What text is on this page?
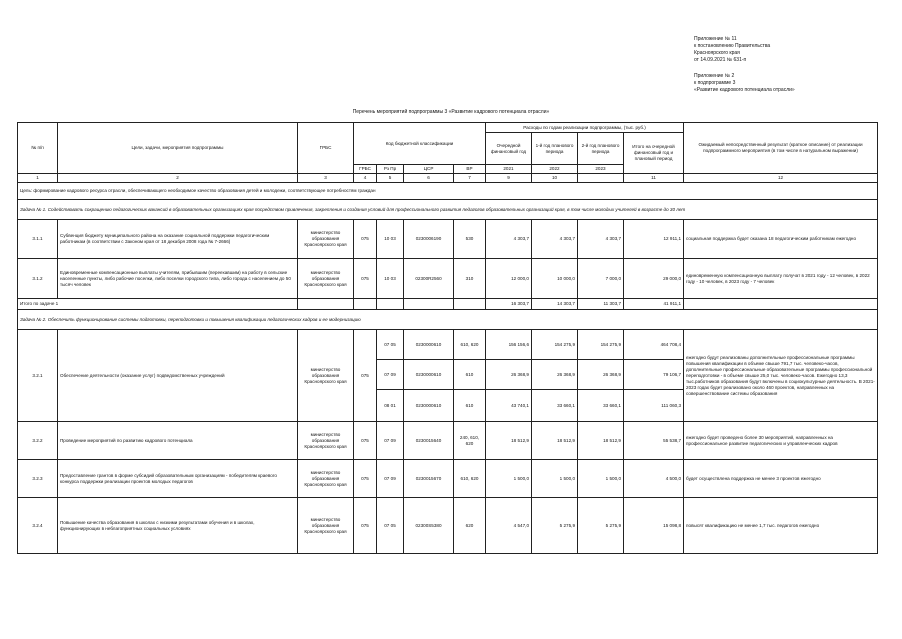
Приложение № 11
к постановлению Правительства
Красноярского края
от 14.09.2021 № 631-п
Приложение № 2
к подпрограмме 3
«Развитие кадрового потенциала отрасли»
Перечень мероприятий подпрограммы 3 «Развитие кадрового потенциала отрасли»
№ п/п	Цели, задачи, мероприятия подпрограммы	ГРБС	Код бюджетной классификации				Расходы по годам реализации подпрограммы, (тыс. руб.)				Ожидаемый непосредственный результат (краткое описание) от реализации подпрограммного мероприятия (в том числе в натуральном выражении)
							Очередной финансовый год	1-й год планового периода	2-й год планового периода	Итого на очередной финансовый год и плановый период	
			ГРБС	Рз Пр	ЦСР	ВР	2021	2022	2023		
1	2	3	4	5	6	7	9	10		11	12
Цель: формирование кадрового ресурса отрасли, обеспечивающего необходимое качество образования детей и молодежи, соответствующее потребностям граждан											
Задача № 1. Содействовать сокращению педагогических вакансий в образовательных организациях края посредством привлечения, закрепления и создания условий для профессионального развития педагогов образовательных организаций края, в том числе молодых учителей в возрасте до 30 лет											
3.1.1	Субвенция бюджету муниципального района на оказание социальной поддержки педагогическим работникам (в соответствии с Законом края от 18 декабря 2008 года № 7-2666)	министерство образования Красноярского края	075	10 03	0230006190	530	4 303,7	4 303,7	4 303,7	12 911,1	социальная поддержка будет оказана 18 педагогическим работникам ежегодно
3.1.2	Единовременные компенсационные выплаты учителям, прибывшим (переехавшим) на работу в сельские населенные пункты, либо рабочие поселки, либо поселки городского типа, либо города с населением до 50 тысяч человек	министерство образования Красноярского края	075	10 03	02300R2560	310	12 000,0	10 000,0	7 000,0	29 000,0	единовременную компенсационную выплату получат в 2021 году - 12 человек, в 2022 году - 10 человек, в 2023 году - 7 человек
Итого по задаче 1							16 303,7	14 303,7	11 303,7	41 911,1	
Задача № 2. Обеспечить функционирование системы подготовки, переподготовки и повышения квалификации педагогических кадров и ее модернизацию											
3.2.1	Обеспечение деятельности (оказание услуг) подведомственных учреждений	министерство образования Красноярского края	075	07 05	0230000610	610, 620	156 156,6	154 275,9	154 275,9	464 708,4	ежегодно будут реализованы дополнительные профессиональные программы повышения квалификации в объеме свыше 791,7 тыс. человеко-часов, дополнительные профессиональные образовательные программы профессиональной переподготовки - в объеме свыше 25,0 тыс. человеко-часов. Ежегодно 13,3 тыс.работников образования будут включены в социокультурные деятельность. В 2021-2023 годах будет реализовано около 460 проектов, направленных на совершенствование системы образования
				07 09	0230000610	610	26 368,9	26 368,9	26 368,9	79 106,7	
				08 01	0230000610	610	43 740,1	33 660,1	33 660,1	111 060,3	
3.2.2	Проведение мероприятий по развитию кадрового потенциала	министерство образования Красноярского края	075	07 09	0230015640	240, 610, 620	18 512,9	18 512,9	18 512,9	55 538,7	ежегодно будет проведено более 30 мероприятий, направленных на профессиональное развитие педагогических и управленческих кадров
3.2.3	Предоставление грантов в форме субсидий образовательным организациям - победителям краевого конкурса поддержки реализации проектов молодых педагогов	министерство образования Красноярского края	075	07 09	0230015670	610, 620	1 500,0	1 500,0	1 500,0	4 500,0	будет осуществлена поддержка не менее 3 проектов ежегодно
3.2.4	Повышение качества образования в школах с низкими результатами обучения и в школах, функционирующих в неблагоприятных социальных условиях	министерство образования Красноярского края	075	07 05	02300S5380	620	4 547,0	5 275,9	5 275,9	15 098,8	повысят квалификацию не менее 1,7 тыс. педагогов ежегодно
